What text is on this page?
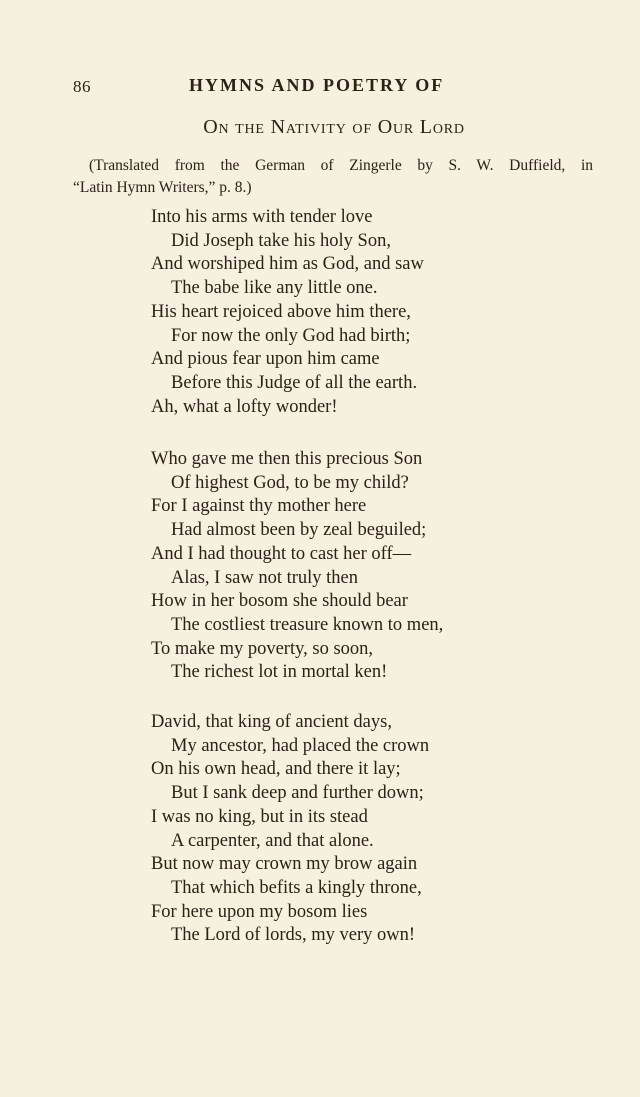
86	HYMNS AND POETRY OF
On the Nativity of Our Lord
(Translated from the German of Zingerle by S. W. Duffield, in
“Latin Hymn Writers,” p. 8.)
Into his arms with tender love
Did Joseph take his holy Son,
And worshiped him as God, and saw
The babe like any little one.
His heart rejoiced above him there,
For now the only God had birth;
And pious fear upon him came
Before this Judge of all the earth.
Ah, what a lofty wonder!
Who gave me then this precious Son
Of highest God, to be my child?
For I against thy mother here
Had almost been by zeal beguiled;
And I had thought to cast her off—
Alas, I saw not truly then
How in her bosom she should bear
The costliest treasure known to men,
To make my poverty, so soon,
The richest lot in mortal ken!
David, that king of ancient days,
My ancestor, had placed the crown
On his own head, and there it lay;
But I sank deep and further down;
I was no king, but in its stead
A carpenter, and that alone.
But now may crown my brow again
That which befits a kingly throne,
For here upon my bosom lies
The Lord of lords, my very own!
